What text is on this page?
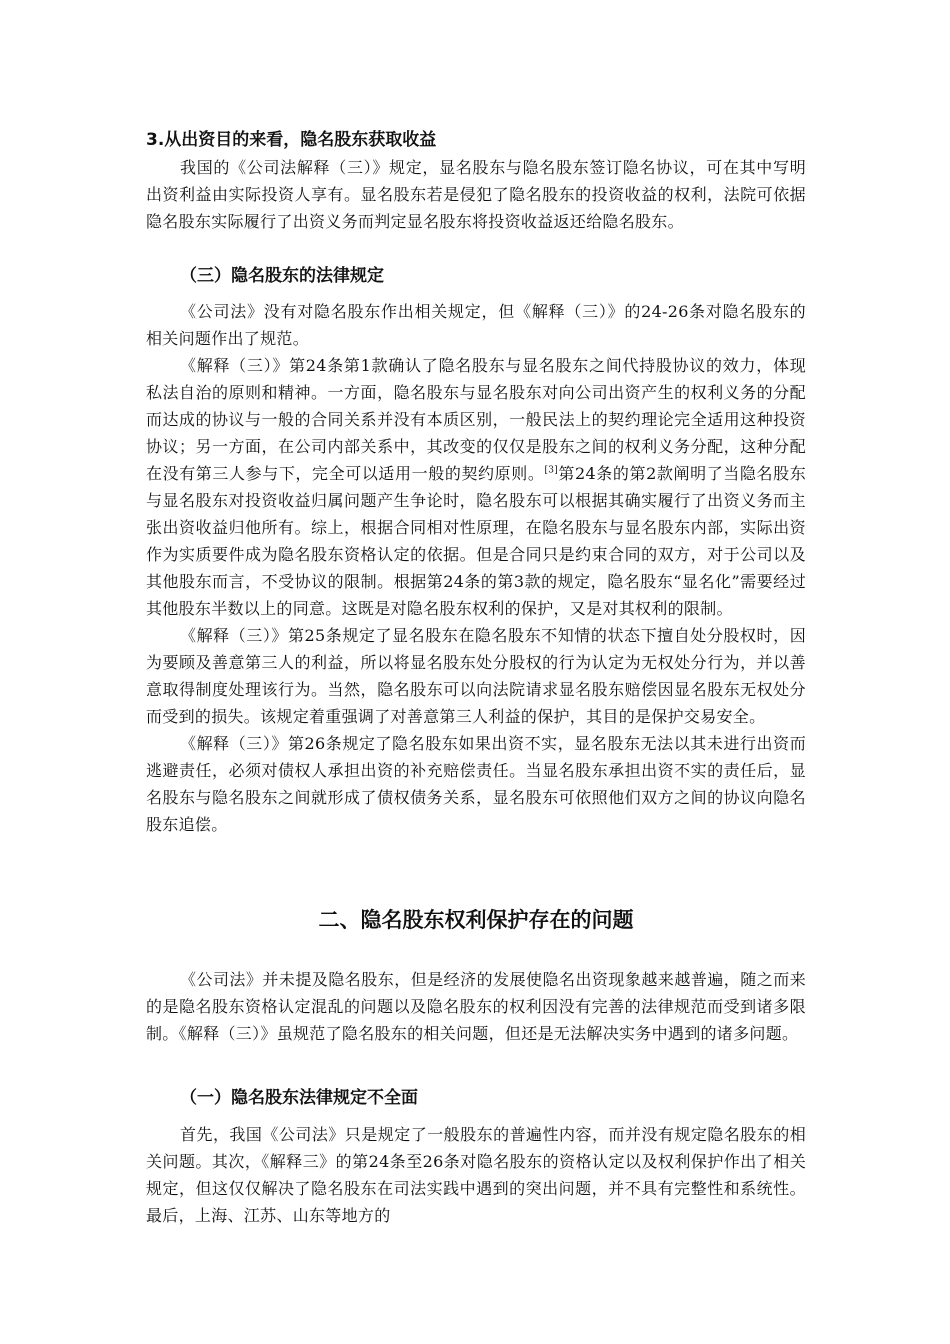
3.从出资目的来看，隐名股东获取收益

我国的《公司法解释（三）》规定，显名股东与隐名股东签订隐名协议，可在其中写明出资利益由实际投资人享有。显名股东若是侵犯了隐名股东的投资收益的权利，法院可依据隐名股东实际履行了出资义务而判定显名股东将投资收益返还给隐名股东。

（三）隐名股东的法律规定

《公司法》没有对隐名股东作出相关规定，但《解释（三）》的24-26条对隐名股东的相关问题作出了规范。

《解释（三）》第24条第1款确认了隐名股东与显名股东之间代持股协议的效力，体现私法自治的原则和精神。一方面，隐名股东与显名股东对向公司出资产生的权利义务的分配而达成的协议与一般的合同关系并没有本质区别，一般民法上的契约理论完全适用这种投资协议；另一方面，在公司内部关系中，其改变的仅仅是股东之间的权利义务分配，这种分配在没有第三人参与下，完全可以适用一般的契约原则。[3]第24条的第2款阐明了当隐名股东与显名股东对投资收益归属问题产生争论时，隐名股东可以根据其确实履行了出资义务而主张出资收益归他所有。综上，根据合同相对性原理，在隐名股东与显名股东内部，实际出资作为实质要件成为隐名股东资格认定的依据。但是合同只是约束合同的双方，对于公司以及其他股东而言，不受协议的限制。根据第24条的第3款的规定，隐名股东“显名化”需要经过其他股东半数以上的同意。这既是对隐名股东权利的保护，又是对其权利的限制。

《解释（三）》第25条规定了显名股东在隐名股东不知情的状态下擅自处分股权时，因为要顾及善意第三人的利益，所以将显名股东处分股权的行为认定为无权处分行为，并以善意取得制度处理该行为。当然，隐名股东可以向法院请求显名股东赔偿因显名股东无权处分而受到的损失。该规定着重强调了对善意第三人利益的保护，其目的是保护交易安全。

《解释（三）》第26条规定了隐名股东如果出资不实，显名股东无法以其未进行出资而逃避责任，必须对债权人承担出资的补充赔偿责任。当显名股东承担出资不实的责任后，显名股东与隐名股东之间就形成了债权债务关系，显名股东可依照他们双方之间的协议向隐名股东追偿。

二、隐名股东权利保护存在的问题

《公司法》并未提及隐名股东，但是经济的发展使隐名出资现象越来越普遍，随之而来的是隐名股东资格认定混乱的问题以及隐名股东的权利因没有完善的法律规范而受到诸多限制。《解释（三）》虽规范了隐名股东的相关问题，但还是无法解决实务中遇到的诸多问题。

（一）隐名股东法律规定不全面

首先，我国《公司法》只是规定了一般股东的普遍性内容，而并没有规定隐名股东的相关问题。其次，《解释三》的第24条至26条对隐名股东的资格认定以及权利保护作出了相关规定，但这仅仅解决了隐名股东在司法实践中遇到的突出问题，并不具有完整性和系统性。最后，上海、江苏、山东等地方的
